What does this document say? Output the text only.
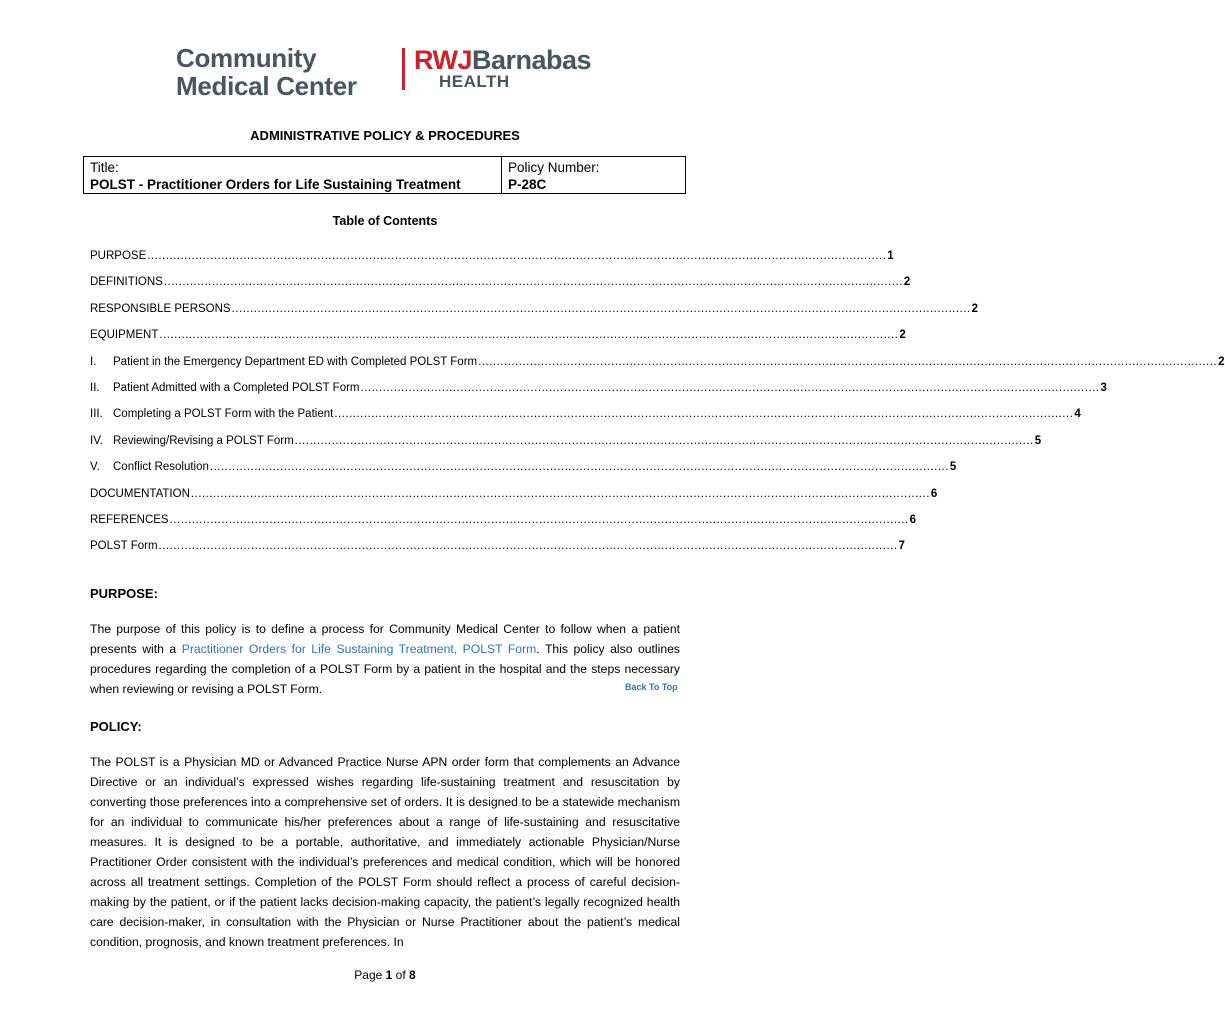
Community
Medical Center
RWJBarnabas
HEALTH
ADMINISTRATIVE POLICY & PROCEDURES
Title:
POLST - Practitioner Orders for Life Sustaining Treatment
Policy Number:
P-28C
Table of Contents
PURPOSE ........................................................................................................................................................................................................ 1
DEFINITIONS ........................................................................................................................................................................................................ 2
RESPONSIBLE PERSONS ........................................................................................................................................................................................................ 2
EQUIPMENT ........................................................................................................................................................................................................ 2
I.	Patient in the Emergency Department ED with Completed POLST Form ........................................................................................................................................................................................................ 2
II.	Patient Admitted with a Completed POLST Form ........................................................................................................................................................................................................ 3
III. Completing a POLST Form with the Patient ........................................................................................................................................................................................................ 4
IV. Reviewing/Revising a POLST Form ........................................................................................................................................................................................................ 5
V.	Conflict Resolution ........................................................................................................................................................................................................ 5
DOCUMENTATION ........................................................................................................................................................................................................ 6
REFERENCES ........................................................................................................................................................................................................ 6
POLST Form ........................................................................................................................................................................................................ 7
PURPOSE:
The purpose of this policy is to define a process for Community Medical Center to follow when a patient presents with a Practitioner Orders for Life Sustaining Treatment, POLST Form. This policy also outlines procedures regarding the completion of a POLST Form by a patient in the hospital and the steps necessary when reviewing or revising a POLST Form.	Back To Top
POLICY:
The POLST is a Physician MD or Advanced Practice Nurse APN order form that complements an Advance Directive or an individual’s expressed wishes regarding life-sustaining treatment and resuscitation by converting those preferences into a comprehensive set of orders. It is designed to be a statewide mechanism for an individual to communicate his/her preferences about a range of life-sustaining and resuscitative measures. It is designed to be a portable, authoritative, and immediately actionable Physician/Nurse Practitioner Order consistent with the individual’s preferences and medical condition, which will be honored across all treatment settings. Completion of the POLST Form should reflect a process of careful decision-making by the patient, or if the patient lacks decision-making capacity, the patient’s legally recognized health care decision-maker, in consultation with the Physician or Nurse Practitioner about the patient’s medical condition, prognosis, and known treatment preferences. In
Page 1 of 8
